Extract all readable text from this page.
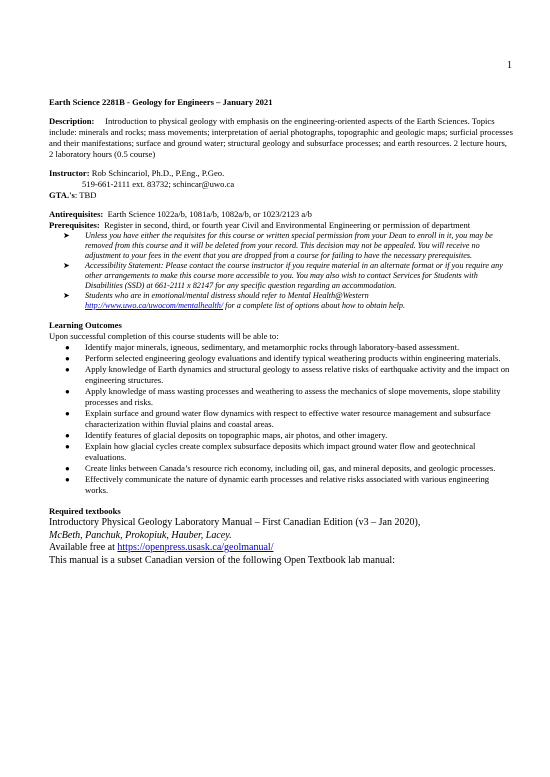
1

Earth Science 2281B - Geology for Engineers – January 2021

Description: Introduction to physical geology with emphasis on the engineering-oriented aspects of the Earth Sciences. Topics include: minerals and rocks; mass movements; interpretation of aerial photographs, topographic and geologic maps; surficial processes and their manifestations; surface and ground water; structural geology and subsurface processes; and earth resources. 2 lecture hours, 2 laboratory hours (0.5 course)

Instructor: Rob Schincariol, Ph.D., P.Eng., P.Geo.

519-661-2111 ext. 83732; schincar@uwo.ca

GTA.'s: TBD

Antirequisites: Earth Science 1022a/b, 1081a/b, 1082a/b, or 1023/2123 a/b

Prerequisites: Register in second, third, or fourth year Civil and Environmental Engineering or permission of department

➤ Unless you have either the requisites for this course or written special permission from your Dean to enroll in it, you may be removed from this course and it will be deleted from your record. This decision may not be appealed. You will receive no adjustment to your fees in the event that you are dropped from a course for failing to have the necessary prerequisites.
➤ Accessibility Statement: Please contact the course instructor if you require material in an alternate format or if you require any other arrangements to make this course more accessible to you. You may also wish to contact Services for Students with Disabilities (SSD) at 661-2111 x 82147 for any specific question regarding an accommodation.
➤ Students who are in emotional/mental distress should refer to Mental Health@Western
http://www.uwo.ca/uwocom/mentalhealth/ for a complete list of options about how to obtain help.

Learning Outcomes

Upon successful completion of this course students will be able to:

● Identify major minerals, igneous, sedimentary, and metamorphic rocks through laboratory-based assessment.
● Perform selected engineering geology evaluations and identify typical weathering products within engineering materials.
● Apply knowledge of Earth dynamics and structural geology to assess relative risks of earthquake activity and the impact on engineering structures.
● Apply knowledge of mass wasting processes and weathering to assess the mechanics of slope movements, slope stability processes and risks.
● Explain surface and ground water flow dynamics with respect to effective water resource management and subsurface characterization within fluvial plains and coastal areas.
● Identify features of glacial deposits on topographic maps, air photos, and other imagery.
● Explain how glacial cycles create complex subsurface deposits which impact ground water flow and geotechnical evaluations.
● Create links between Canada’s resource rich economy, including oil, gas, and mineral deposits, and geologic processes.
● Effectively communicate the nature of dynamic earth processes and relative risks associated with various engineering works.

Required textbooks

Introductory Physical Geology Laboratory Manual – First Canadian Edition (v3 – Jan 2020),
McBeth, Panchuk, Prokopiuk, Hauber, Lacey.

Available free at https://openpress.usask.ca/geolmanual/

This manual is a subset Canadian version of the following Open Textbook lab manual:
